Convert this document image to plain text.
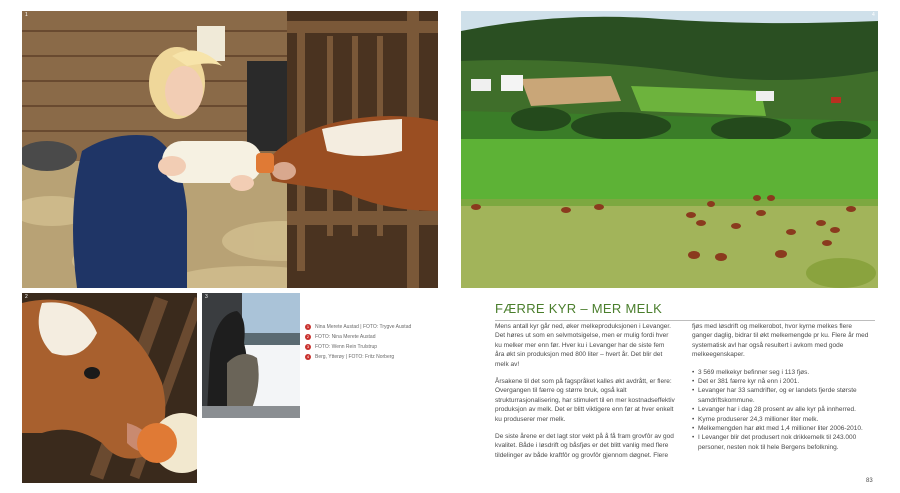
1
2	3
4
1	Nina Merete Austad | FOTO: Trygve Austad
2	FOTO: Nina Merete Austad
3	FOTO: Wenn Rein Trulstrup
4	Berg, Ytterøy | FOTO: Fritz Norberg
FÆRRE KYR – MER MELK

Mens antall kyr går ned, øker melkeproduksjonen i Levanger. Det høres ut som en selvmotsigelse, men er mulig fordi hver ku melker mer enn før. Hver ku i Levanger har de siste fem åra økt sin produksjon med 800 liter – hvert år. Det blir det melk av!

Årsakene til det som på fagspråket kalles økt avdrått, er flere: Overgangen til færre og større bruk, også kalt strukturrasjonalisering, har stimulert til en mer kostnadseffektiv produksjon av melk. Det er blitt viktigere enn før at hver enkelt ku produserer mer melk.

De siste årene er det lagt stor vekt på å få fram grovfôr av god kvalitet. Både i løsdrift og båsfjøs er det blitt vanlig med flere tildelinger av både kraftfôr og grovfôr gjennom døgnet. Flere

fjøs med løsdrift og melkerobot, hvor kyrne melkes flere ganger daglig, bidrar til økt melkemengde pr ku. Flere år med systematisk avl har også resultert i avkom med gode melkeegenskaper.

• 3 569 melkekyr befinner seg i 113 fjøs.
• Det er 381 færre kyr nå enn i 2001.
• Levanger har 33 samdrifter, og er landets fjerde største samdriftskommune.
• Levanger har i dag 28 prosent av alle kyr på innherred.
• Kyrne produserer 24,3 millioner liter melk.
• Melkemengden har økt med 1,4 millioner liter 2006-2010.
• I Levanger blir det produsert nok drikkemelk til 243.000 personer, nesten nok til hele Bergens befolkning.
83
